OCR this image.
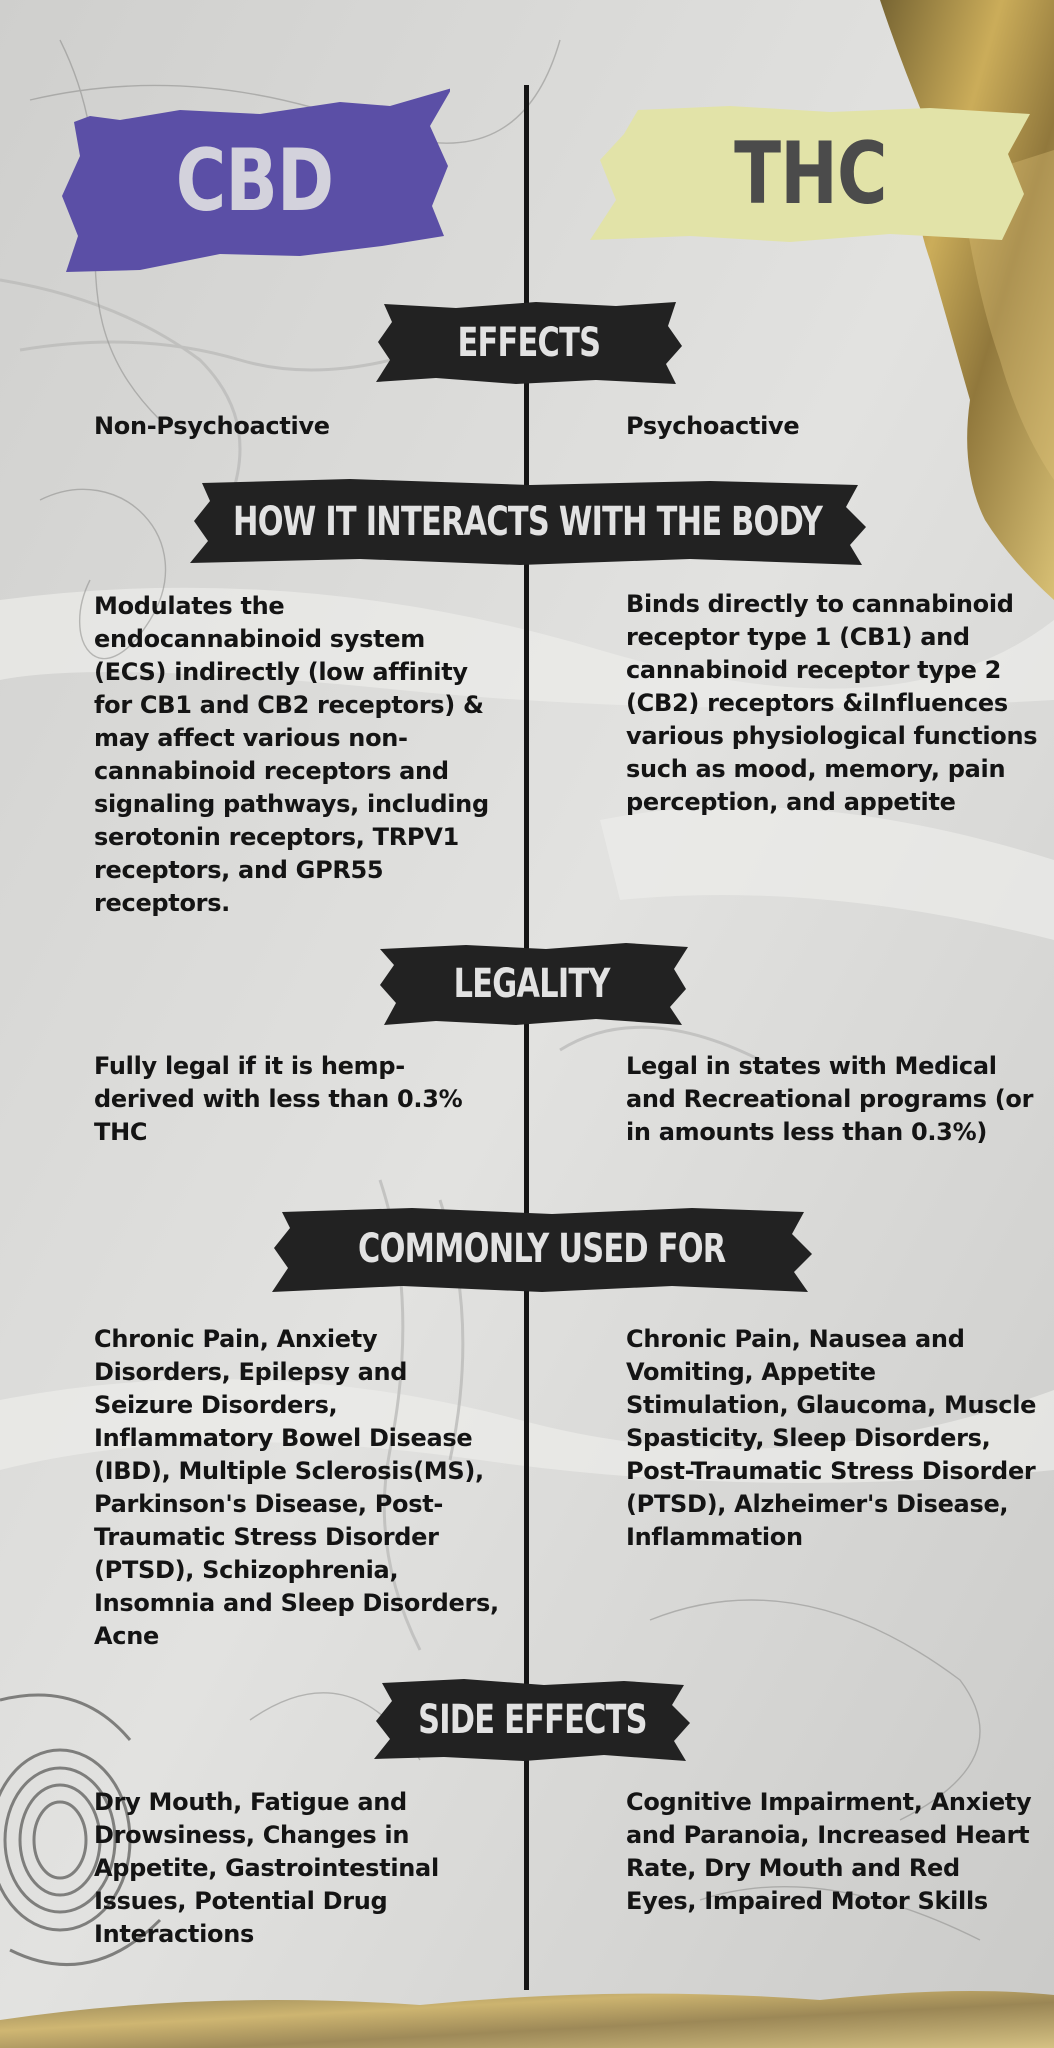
CBD	THC
EFFECTS
HOW IT INTERACTS WITH THE BODY
LEGALITY
COMMONLY USED FOR
SIDE EFFECTS
Non-Psychoactive	Psychoactive
Modulates the endocannabinoid system (ECS) indirectly (low affinity for CB1 and CB2 receptors) & may affect various non-cannabinoid receptors and signaling pathways, including serotonin receptors, TRPV1 receptors, and GPR55 receptors.
Binds directly to cannabinoid receptor type 1 (CB1) and cannabinoid receptor type 2 (CB2) receptors &iInfluences various physiological functions such as mood, memory, pain perception, and appetite
Fully legal if it is hemp-derived with less than 0.3% THC
Legal in states with Medical and Recreational programs (or in amounts less than 0.3%)
Chronic Pain, Anxiety Disorders, Epilepsy and Seizure Disorders, Inflammatory Bowel Disease (IBD), Multiple Sclerosis(MS), Parkinson's Disease, Post-Traumatic Stress Disorder (PTSD), Schizophrenia, Insomnia and Sleep Disorders, Acne
Chronic Pain, Nausea and Vomiting, Appetite Stimulation, Glaucoma, Muscle Spasticity, Sleep Disorders, Post-Traumatic Stress Disorder (PTSD), Alzheimer's Disease, Inflammation
Dry Mouth, Fatigue and Drowsiness, Changes in Appetite, Gastrointestinal Issues, Potential Drug Interactions
Cognitive Impairment, Anxiety and Paranoia, Increased Heart Rate, Dry Mouth and Red Eyes, Impaired Motor Skills
